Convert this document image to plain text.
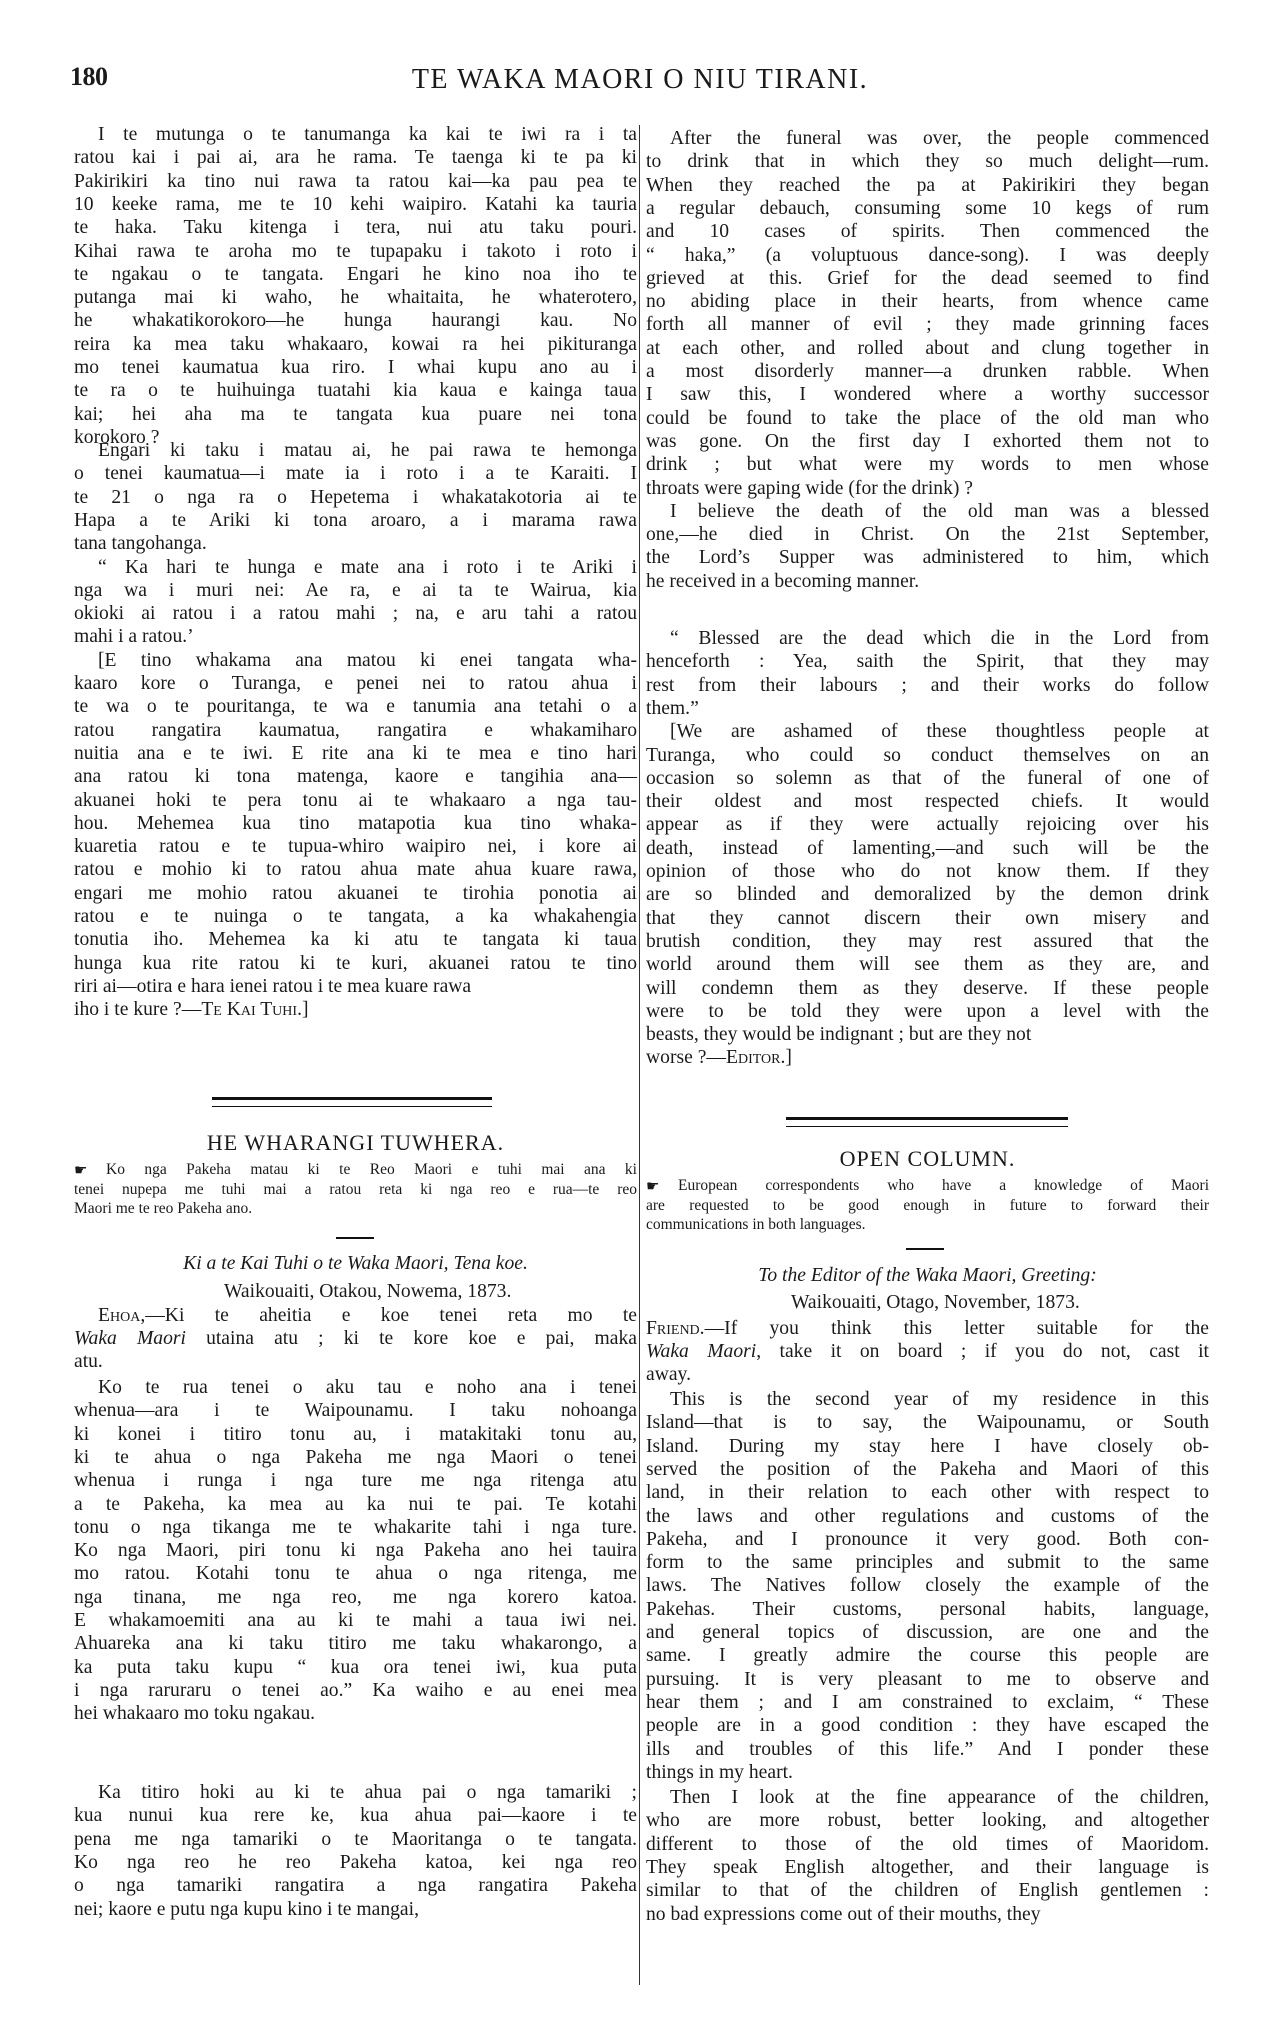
180	TE WAKA MAORI O NIU TIRANI.
I te mutunga o te tanumanga ka kai te iwi ra i ta
ratou kai i pai ai, ara he rama. Te taenga ki te pa ki
Pakirikiri ka tino nui rawa ta ratou kai—ka pau pea te
10 keeke rama, me te 10 kehi waipiro. Katahi ka tauria
te haka. Taku kitenga i tera, nui atu taku pouri.
Kihai rawa te aroha mo te tupapaku i takoto i roto i
te ngakau o te tangata. Engari he kino noa iho te
putanga mai ki waho, he whaitaita, he whaterotero,
he whakatikorokoro—he hunga haurangi kau. No
reira ka mea taku whakaaro, kowai ra hei pikituranga
mo tenei kaumatua kua riro. I whai kupu ano au i
te ra o te huihuinga tuatahi kia kaua e kainga taua
kai; hei aha ma te tangata kua puare nei tona
korokoro ?
Engari ki taku i matau ai, he pai rawa te hemonga
o tenei kaumatua—i mate ia i roto i a te Karaiti. I
te 21 o nga ra o Hepetema i whakatakotoria ai te
Hapa a te Ariki ki tona aroaro, a i marama rawa
tana tangohanga.
“ Ka hari te hunga e mate ana i roto i te Ariki i
nga wa i muri nei: Ae ra, e ai ta te Wairua, kia
okioki ai ratou i a ratou mahi ; na, e aru tahi a ratou
mahi i a ratou.’
[E tino whakama ana matou ki enei tangata wha-
kaaro kore o Turanga, e penei nei to ratou ahua i
te wa o te pouritanga, te wa e tanumia ana tetahi o a
ratou rangatira kaumatua, rangatira e whakamiharo
nuitia ana e te iwi. E rite ana ki te mea e tino hari
ana ratou ki tona matenga, kaore e tangihia ana—
akuanei hoki te pera tonu ai te whakaaro a nga tau-
hou. Mehemea kua tino matapotia kua tino whaka-
kuaretia ratou e te tupua-whiro waipiro nei, i kore ai
ratou e mohio ki to ratou ahua mate ahua kuare rawa,
engari me mohio ratou akuanei te tirohia ponotia ai
ratou e te nuinga o te tangata, a ka whakahengia
tonutia iho. Mehemea ka ki atu te tangata ki taua
hunga kua rite ratou ki te kuri, akuanei ratou te tino
riri ai—otira e hara ienei ratou i te mea kuare rawa
iho i te kure ?—Te Kai Tuhi.]
HE WHARANGI TUWHERA.
☛ Ko nga Pakeha matau ki te Reo Maori e tuhi mai ana ki
tenei nupepa me tuhi mai a ratou reta ki nga reo e rua—te reo
Maori me te reo Pakeha ano.
Ki a te Kai Tuhi o te Waka Maori, Tena koe.
Waikouaiti, Otakou, Nowema, 1873.
Ehoa,—Ki te aheitia e koe tenei reta mo te
Waka Maori utaina atu ; ki te kore koe e pai, maka
atu.
Ko te rua tenei o aku tau e noho ana i tenei
whenua—ara i te Waipounamu. I taku nohoanga
ki konei i titiro tonu au, i matakitaki tonu au,
ki te ahua o nga Pakeha me nga Maori o tenei
whenua i runga i nga ture me nga ritenga atu
a te Pakeha, ka mea au ka nui te pai. Te kotahi
tonu o nga tikanga me te whakarite tahi i nga ture.
Ko nga Maori, piri tonu ki nga Pakeha ano hei tauira
mo ratou. Kotahi tonu te ahua o nga ritenga, me
nga tinana, me nga reo, me nga korero katoa.
E whakamoemiti ana au ki te mahi a taua iwi nei.
Ahuareka ana ki taku titiro me taku whakarongo, a
ka puta taku kupu “ kua ora tenei iwi, kua puta
i nga raruraru o tenei ao.” Ka waiho e au enei mea
hei whakaaro mo toku ngakau.
Ka titiro hoki au ki te ahua pai o nga tamariki ;
kua nunui kua rere ke, kua ahua pai—kaore i te
pena me nga tamariki o te Maoritanga o te tangata.
Ko nga reo he reo Pakeha katoa, kei nga reo
o nga tamariki rangatira a nga rangatira Pakeha
nei; kaore e putu nga kupu kino i te mangai,
After the funeral was over, the people commenced
to drink that in which they so much delight—rum.
When they reached the pa at Pakirikiri they began
a regular debauch, consuming some 10 kegs of rum
and 10 cases of spirits. Then commenced the
“ haka,” (a voluptuous dance-song). I was deeply
grieved at this. Grief for the dead seemed to find
no abiding place in their hearts, from whence came
forth all manner of evil ; they made grinning faces
at each other, and rolled about and clung together in
a most disorderly manner—a drunken rabble. When
I saw this, I wondered where a worthy successor
could be found to take the place of the old man who
was gone. On the first day I exhorted them not to
drink ; but what were my words to men whose
throats were gaping wide (for the drink) ?
I believe the death of the old man was a blessed
one,—he died in Christ. On the 21st September,
the Lord’s Supper was administered to him, which
he received in a becoming manner.
“ Blessed are the dead which die in the Lord from
henceforth : Yea, saith the Spirit, that they may
rest from their labours ; and their works do follow
them.”
[We are ashamed of these thoughtless people at
Turanga, who could so conduct themselves on an
occasion so solemn as that of the funeral of one of
their oldest and most respected chiefs. It would
appear as if they were actually rejoicing over his
death, instead of lamenting,—and such will be the
opinion of those who do not know them. If they
are so blinded and demoralized by the demon drink
that they cannot discern their own misery and
brutish condition, they may rest assured that the
world around them will see them as they are, and
will condemn them as they deserve. If these people
were to be told they were upon a level with the
beasts, they would be indignant ; but are they not
worse ?—Editor.]
OPEN COLUMN.
☛ European correspondents who have a knowledge of Maori
are requested to be good enough in future to forward their
communications in both languages.
To the Editor of the Waka Maori, Greeting:
Waikouaiti, Otago, November, 1873.
Friend.—If you think this letter suitable for the
Waka Maori, take it on board ; if you do not, cast it
away.
This is the second year of my residence in this
Island—that is to say, the Waipounamu, or South
Island. During my stay here I have closely ob-
served the position of the Pakeha and Maori of this
land, in their relation to each other with respect to
the laws and other regulations and customs of the
Pakeha, and I pronounce it very good. Both con-
form to the same principles and submit to the same
laws. The Natives follow closely the example of the
Pakehas. Their customs, personal habits, language,
and general topics of discussion, are one and the
same. I greatly admire the course this people are
pursuing. It is very pleasant to me to observe and
hear them ; and I am constrained to exclaim, “ These
people are in a good condition : they have escaped the
ills and troubles of this life.” And I ponder these
things in my heart.
Then I look at the fine appearance of the children,
who are more robust, better looking, and altogether
different to those of the old times of Maoridom.
They speak English altogether, and their language is
similar to that of the children of English gentlemen :
no bad expressions come out of their mouths, they
